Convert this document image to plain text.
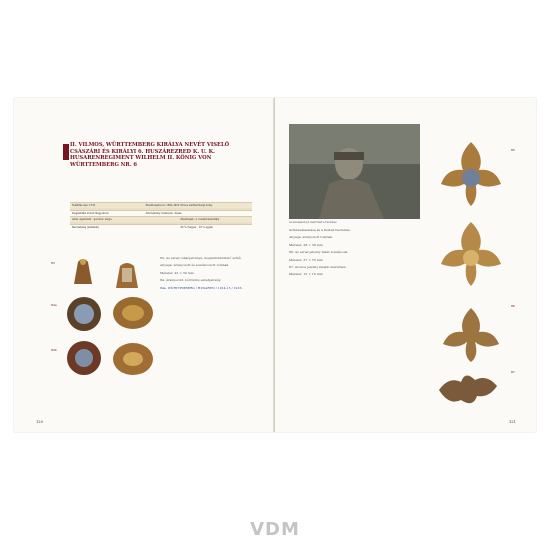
II. VILMOS, WÜRTTEMBERG KIRÁLYA NEVÉT VISELŐ CSÁSZÁRI ÉS KIRÁLYI 6. HUSZÁREZRED K. U. K. HUSARENREGIMENT WILHELM II. KÖNIG VON WÜRTTEMBERG NR. 6
Felállítás éve: 1734	Ezredtulajdonos: 1891-1922 Vilmos württembergi király
Kiegészítési körlet: Nagyvárad	Állomáshely: Debrecen, Kassa
Atilla: égszínkék · gombok: sárga	Zászlóaljak: 1. huszárhadosztály
Nemzetiség (százalék)	90 % magyar · 10 % egyéb
83
84a
84b

83. Az ezred csákójelvénye, megkülönböztető színű.

Anyaga: aranyozott és zománcozott tombak

Méretei: 22 × 30 mm

84. Aranyozott, bőröndös ezredjelvény.

84a. WÜRTTEMBERG / HUSAREN / 1914-15 / 1916.

120
Az ezredjelvényt viselő tiszt a harctéren

Színbeválasztása és a tisztek tisztelete.

Anyaga: aranyozott tombak

Méretei: 28 × 36 mm

86. Az ezred jelvény fehér zománccal.

Méretei: 37 × 55 mm

87. Azonos jelvény kisebb méretben.

Méretei: 15 × 16 mm

85
86
87
121
VDM
